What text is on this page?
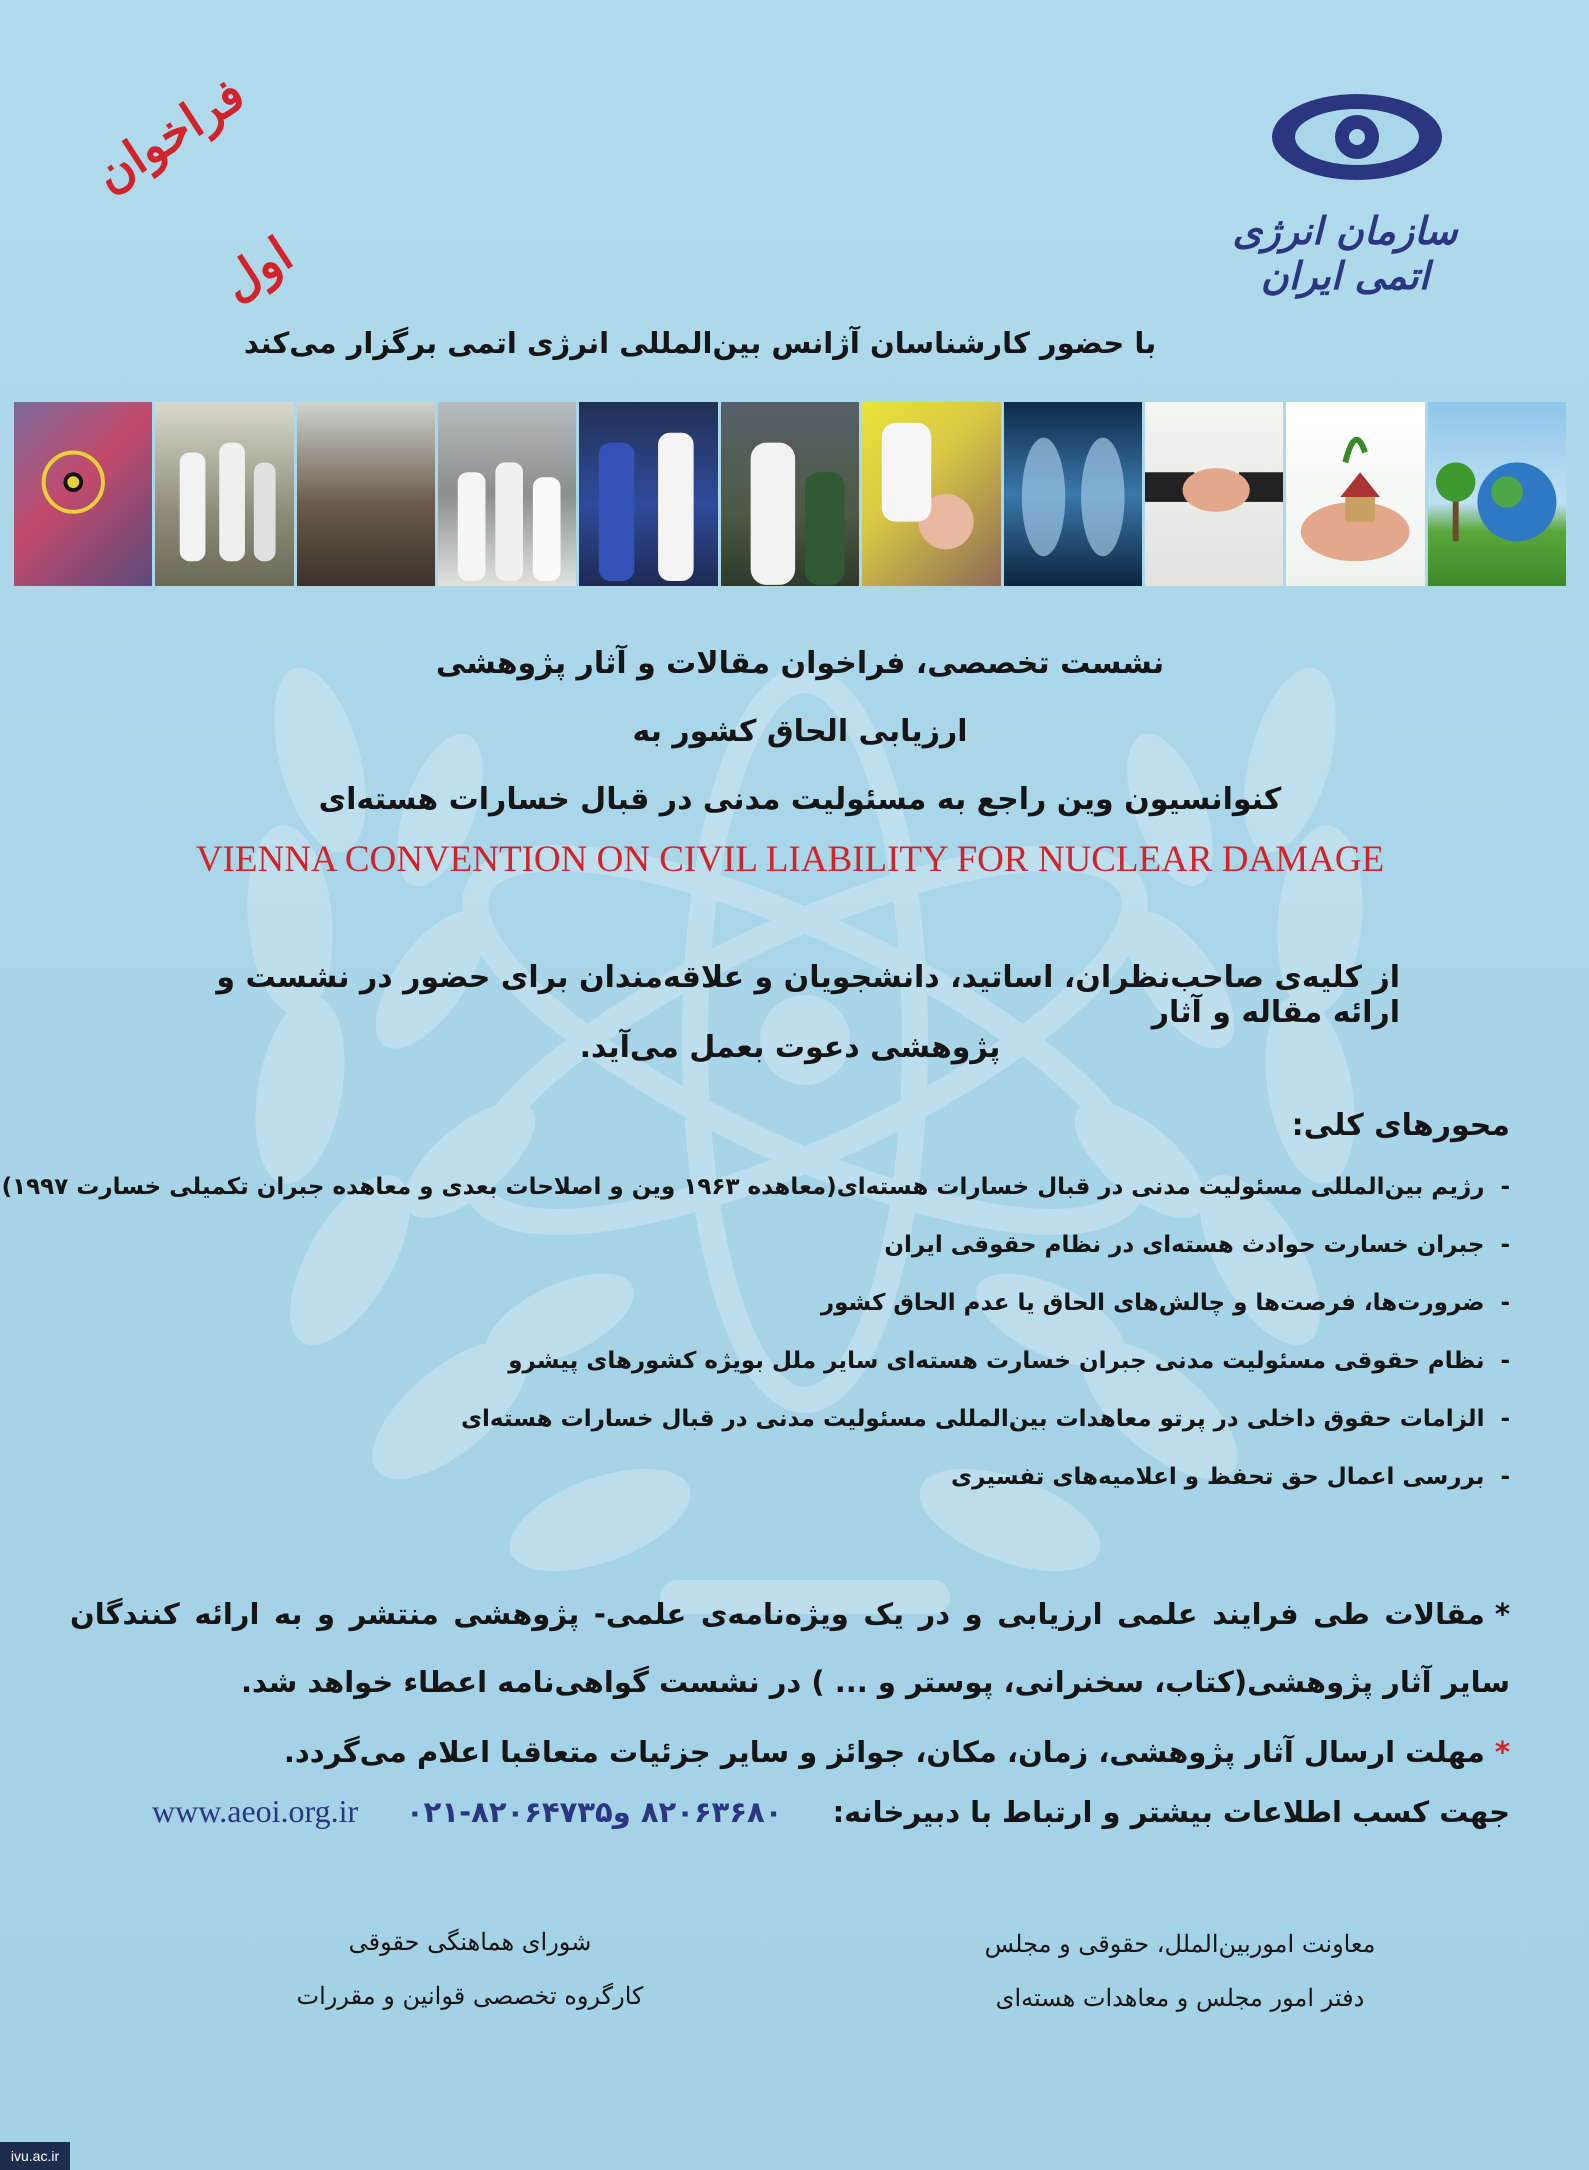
فراخوان اول	سازمان انرژی اتمی ایران
با حضور کارشناسان آژانس بین‌المللی انرژی اتمی برگزار می‌کند
نشست تخصصی، فراخوان مقالات و آثار پژوهشی
ارزیابی الحاق کشور به
کنوانسیون وین راجع به مسئولیت مدنی در قبال خسارات هسته‌ای
VIENNA CONVENTION ON CIVIL LIABILITY FOR NUCLEAR DAMAGE
از کلیه‌ی صاحب‌نظران، اساتید، دانشجویان و علاقه‌مندان برای حضور در نشست و ارائه مقاله و آثار
پژوهشی دعوت بعمل می‌آید.
محورهای کلی:
-رژیم بین‌المللی مسئولیت مدنی در قبال خسارات هسته‌ای(معاهده ۱۹۶۳ وین و اصلاحات بعدی و معاهده جبران تکمیلی خسارت ۱۹۹۷)
-جبران خسارت حوادث هسته‌ای در نظام حقوقی ایران
-ضرورت‌ها، فرصت‌ها و چالش‌های الحاق یا عدم الحاق کشور
-نظام حقوقی مسئولیت مدنی جبران خسارت هسته‌ای سایر ملل بویژه کشورهای پیشرو
-الزامات حقوق داخلی در پرتو معاهدات بین‌المللی مسئولیت مدنی در قبال خسارات هسته‌ای
-بررسی اعمال حق تحفظ و اعلامیه‌های تفسیری
*مقالات طی فرایند علمی ارزیابی و در یک ویژه‌نامه‌ی علمی- پژوهشی منتشر و به ارائه کنندگان سایر آثار پژوهشی(کتاب، سخنرانی، پوستر و ... ) در نشست گواهی‌نامه اعطاء خواهد شد.
*مهلت ارسال آثار پژوهشی، زمان، مکان، جوائز و سایر جزئیات متعاقبا اعلام می‌گردد.
جهت کسب اطلاعات بیشتر و ارتباط با دبیرخانه: ۸۲۰۶۳۶۸۰ و۸۲۰۶۴۷۳۵-۰۲۱
www.aeoi.org.ir
معاونت اموربین‌الملل، حقوقی و مجلس
دفتر امور مجلس و معاهدات هسته‌ای
شورای هماهنگی حقوقی
کارگروه تخصصی قوانین و مقررات
ivu.ac.ir
